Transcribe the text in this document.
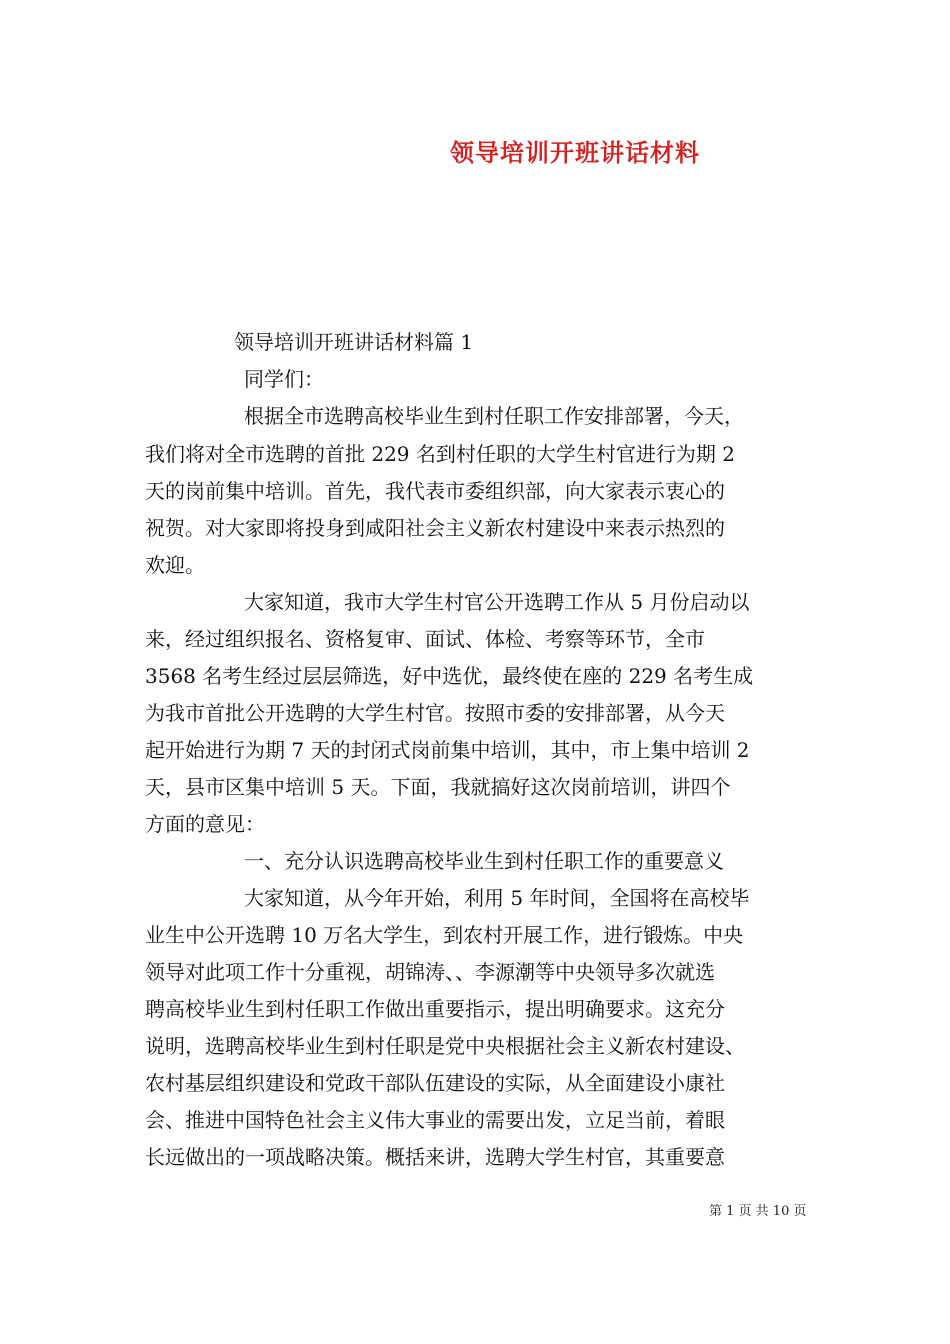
领导培训开班讲话材料
领导培训开班讲话材料篇 1
同学们：
根据全市选聘高校毕业生到村任职工作安排部署，今天，
我们将对全市选聘的首批 229 名到村任职的大学生村官进行为期 2
天的岗前集中培训。首先，我代表市委组织部，向大家表示衷心的
祝贺。对大家即将投身到咸阳社会主义新农村建设中来表示热烈的
欢迎。
大家知道，我市大学生村官公开选聘工作从 5 月份启动以
来，经过组织报名、资格复审、面试、体检、考察等环节，全市
3568 名考生经过层层筛选，好中选优，最终使在座的 229 名考生成
为我市首批公开选聘的大学生村官。按照市委的安排部署，从今天
起开始进行为期 7 天的封闭式岗前集中培训，其中，市上集中培训 2
天，县市区集中培训 5 天。下面，我就搞好这次岗前培训，讲四个
方面的意见：
一、充分认识选聘高校毕业生到村任职工作的重要意义
大家知道，从今年开始，利用 5 年时间，全国将在高校毕
业生中公开选聘 10 万名大学生，到农村开展工作，进行锻炼。中央
领导对此项工作十分重视，胡锦涛、、李源潮等中央领导多次就选
聘高校毕业生到村任职工作做出重要指示，提出明确要求。这充分
说明，选聘高校毕业生到村任职是党中央根据社会主义新农村建设、
农村基层组织建设和党政干部队伍建设的实际，从全面建设小康社
会、推进中国特色社会主义伟大事业的需要出发，立足当前，着眼
长远做出的一项战略决策。概括来讲，选聘大学生村官，其重要意
第 1 页 共 10 页
